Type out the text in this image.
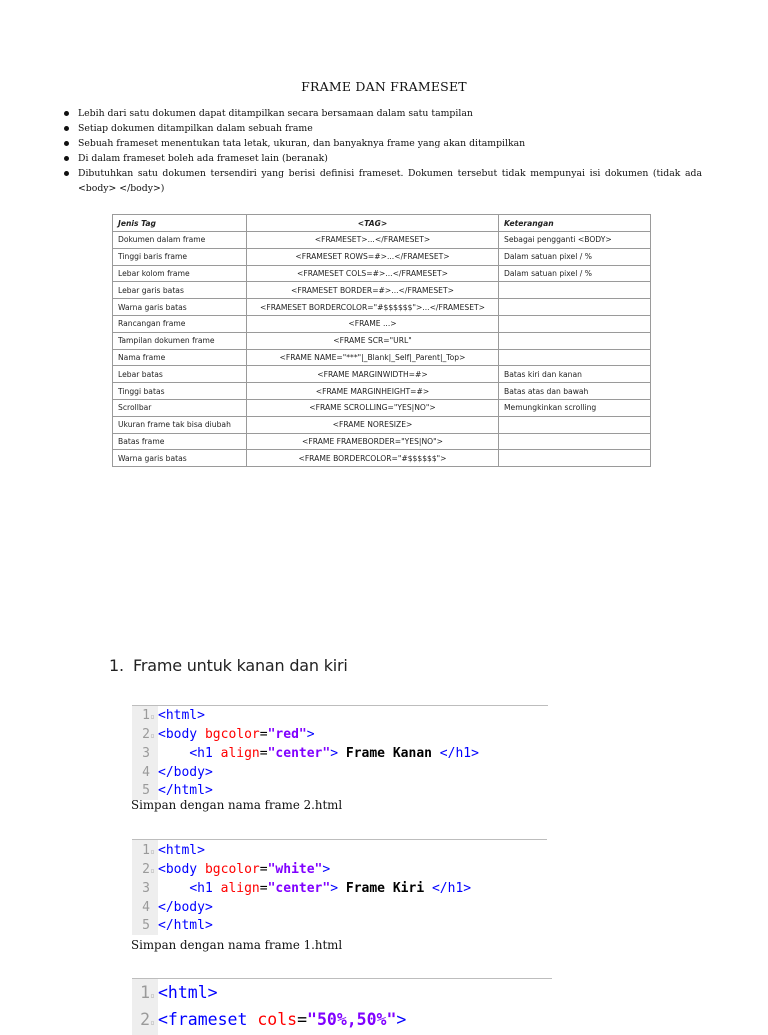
FRAME DAN FRAMESET
Lebih dari satu dokumen dapat ditampilkan secara bersamaan dalam satu tampilan
Setiap dokumen ditampilkan dalam sebuah frame
Sebuah frameset menentukan tata letak, ukuran, dan banyaknya frame yang akan ditampilkan
Di dalam frameset boleh ada frameset lain (beranak)
Dibutuhkan satu dokumen tersendiri yang berisi definisi frameset. Dokumen tersebut tidak mempunyai isi dokumen (tidak ada <body> </body>)
Jenis Tag	<TAG>	Keterangan
Dokumen dalam frame	<FRAMESET>...</FRAMESET>	Sebagai pengganti <BODY>
Tinggi baris frame	<FRAMESET ROWS=#>...</FRAMESET>	Dalam satuan pixel / %
Lebar kolom frame	<FRAMESET COLS=#>...</FRAMESET>	Dalam satuan pixel / %
Lebar garis batas	<FRAMESET BORDER=#>...</FRAMESET>	
Warna garis batas	<FRAMESET BORDERCOLOR="#$$$$$$">...</FRAMESET>	
Rancangan frame	<FRAME ...>	
Tampilan dokumen frame	<FRAME SCR="URL"	
Nama frame	<FRAME NAME="***"|_Blank|_Self|_Parent|_Top>	
Lebar batas	<FRAME MARGINWIDTH=#>	Batas kiri dan kanan
Tinggi batas	<FRAME MARGINHEIGHT=#>	Batas atas dan bawah
Scrollbar	<FRAME SCROLLING="YES|NO">	Memungkinkan scrolling
Ukuran frame tak bisa diubah	<FRAME NORESIZE>	
Batas frame	<FRAME FRAMEBORDER="YES|NO">	
Warna garis batas	<FRAME BORDERCOLOR="#$$$$$$">	
1. Frame untuk kanan dan kiri
1▫ <html>
2▫ <body bgcolor="red">
3	<h1 align="center"> Frame Kanan </h1>
4 </body>
5 </html>
Simpan dengan nama frame 2.html
1▫ <html>
2▫ <body bgcolor="white">
3	<h1 align="center"> Frame Kiri </h1>
4 </body>
5 </html>
Simpan dengan nama frame 1.html
1▫ <html>
2▫ <frameset cols="50%,50%">
